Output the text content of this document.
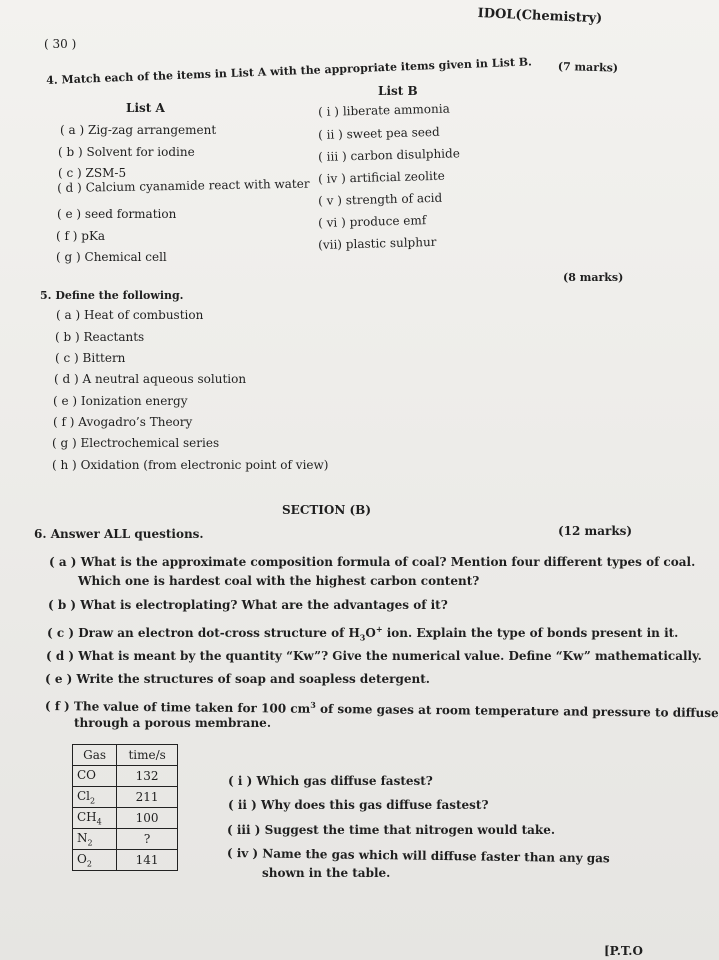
IDOL(Chemistry)
( 30 )
4. Match each of the items in List A with the appropriate items given in List B. (7 marks)
List A
List B
( a ) Zig-zag arrangement
( b ) Solvent for iodine
( c ) ZSM-5
( d ) Calcium cyanamide react with water
( e ) seed formation
( f ) pKa
( g ) Chemical cell
( i ) liberate ammonia
( ii ) sweet pea seed
( iii ) carbon disulphide
( iv ) artificial zeolite
( v ) strength of acid
( vi ) produce emf
(vii) plastic sulphur
(8 marks)
5. Define the following.
( a ) Heat of combustion
( b ) Reactants
( c ) Bittern
( d ) A neutral aqueous solution
( e ) Ionization energy
( f ) Avogadro’s Theory
( g ) Electrochemical series
( h ) Oxidation (from electronic point of view)
SECTION (B)
6. Answer ALL questions.	(12 marks)
( a ) What is the approximate composition formula of coal? Mention four different types of coal.
Which one is hardest coal with the highest carbon content?
( b ) What is electroplating? What are the advantages of it?
( c ) Draw an electron dot-cross structure of $H_3O^+$ ion. Explain the type of bonds present in it.
( d ) What is meant by the quantity “Kw”? Give the numerical value. Define “Kw” mathematically.
( e ) Write the structures of soap and soapless detergent.
( f ) The value of time taken for 100 $cm^3$ of some gases at room temperature and pressure to diffuse
through a porous membrane.
Gas	time/s
CO	132
$Cl_2$	211
$CH_4$	100
$N_2$	?
$O_2$	141
( i ) Which gas diffuse fastest?
( ii ) Why does this gas diffuse fastest?
( iii ) Suggest the time that nitrogen would take.
( iv ) Name the gas which will diffuse faster than any gas
shown in the table.
[P.T.O
